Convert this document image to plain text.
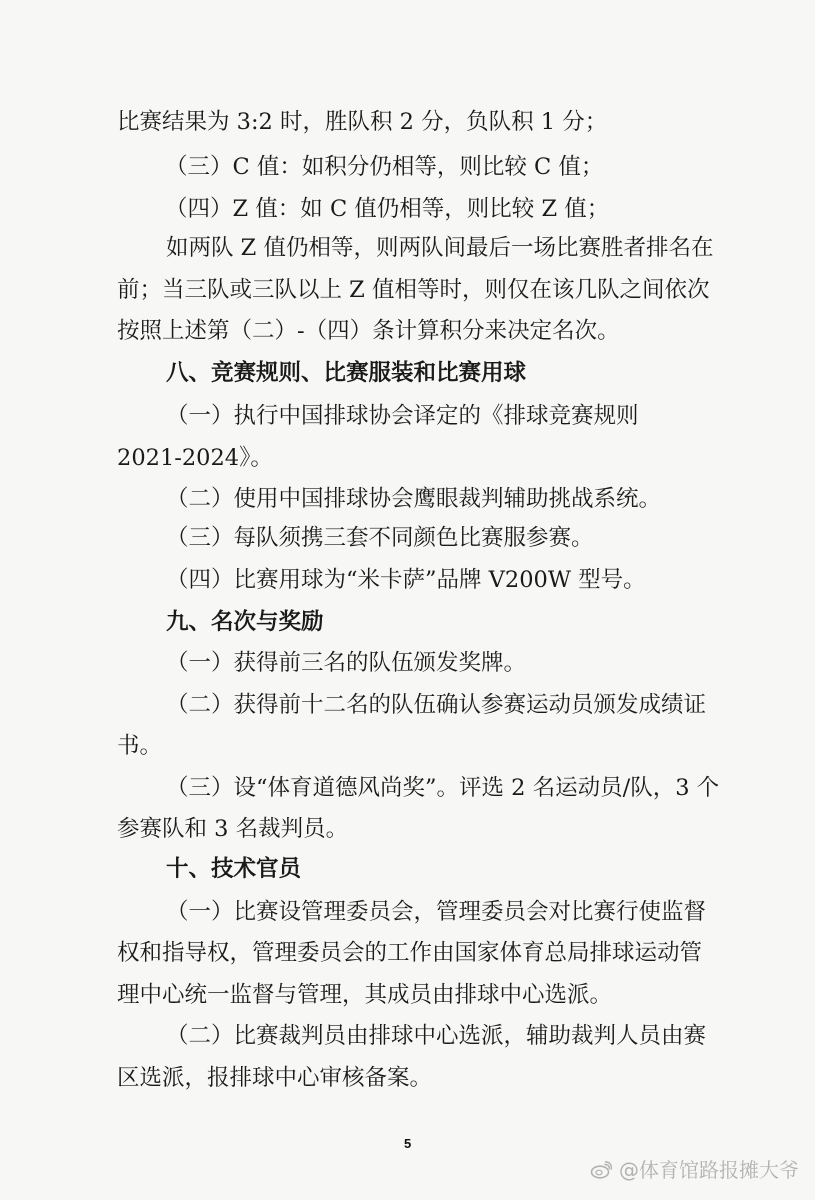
比赛结果为 3:2 时，胜队积 2 分，负队积 1 分；
（三）C 值：如积分仍相等，则比较 C 值；
（四）Z 值：如 C 值仍相等，则比较 Z 值；
如两队 Z 值仍相等，则两队间最后一场比赛胜者排名在
前；当三队或三队以上 Z 值相等时，则仅在该几队之间依次
按照上述第（二）-（四）条计算积分来决定名次。
八、竞赛规则、比赛服装和比赛用球
（一）执行中国排球协会译定的《排球竞赛规则
2021-2024》。
（二）使用中国排球协会鹰眼裁判辅助挑战系统。
（三）每队须携三套不同颜色比赛服参赛。
（四）比赛用球为“米卡萨”品牌 V200W 型号。
九、名次与奖励
（一）获得前三名的队伍颁发奖牌。
（二）获得前十二名的队伍确认参赛运动员颁发成绩证
书。
（三）设“体育道德风尚奖”。评选 2 名运动员/队，3 个
参赛队和 3 名裁判员。
十、技术官员
（一）比赛设管理委员会，管理委员会对比赛行使监督
权和指导权，管理委员会的工作由国家体育总局排球运动管
理中心统一监督与管理，其成员由排球中心选派。
（二）比赛裁判员由排球中心选派，辅助裁判人员由赛
区选派，报排球中心审核备案。
5
@体育馆路报摊大爷
